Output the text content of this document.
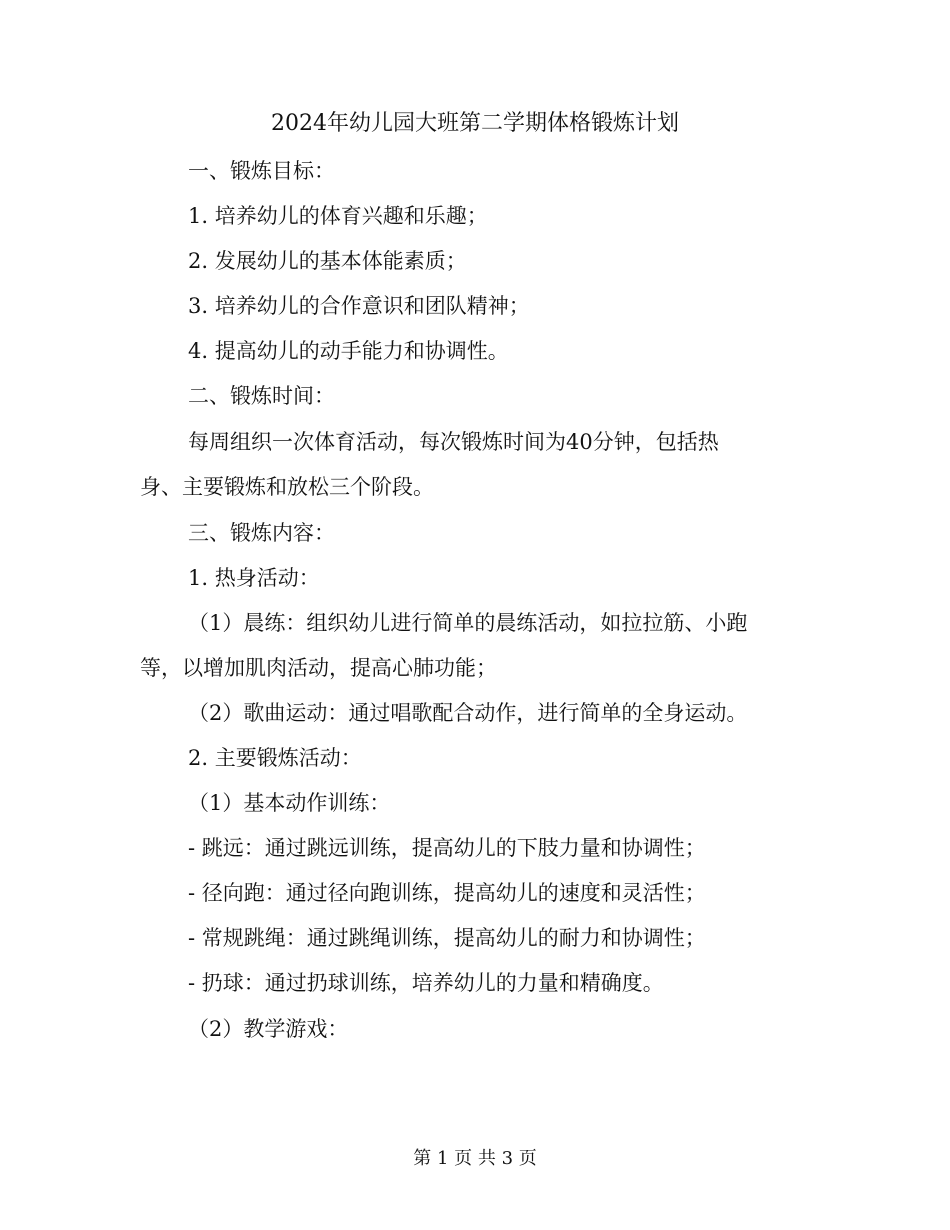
2024年幼儿园大班第二学期体格锻炼计划
一、锻炼目标：
1. 培养幼儿的体育兴趣和乐趣；
2. 发展幼儿的基本体能素质；
3. 培养幼儿的合作意识和团队精神；
4. 提高幼儿的动手能力和协调性。
二、锻炼时间：
每周组织一次体育活动，每次锻炼时间为40分钟，包括热
身、主要锻炼和放松三个阶段。
三、锻炼内容：
1. 热身活动：
（1）晨练：组织幼儿进行简单的晨练活动，如拉拉筋、小跑
等，以增加肌肉活动，提高心肺功能；
（2）歌曲运动：通过唱歌配合动作，进行简单的全身运动。
2. 主要锻炼活动：
（1）基本动作训练：
- 跳远：通过跳远训练，提高幼儿的下肢力量和协调性；
- 径向跑：通过径向跑训练，提高幼儿的速度和灵活性；
- 常规跳绳：通过跳绳训练，提高幼儿的耐力和协调性；
- 扔球：通过扔球训练，培养幼儿的力量和精确度。
（2）教学游戏：
第 1 页 共 3 页
